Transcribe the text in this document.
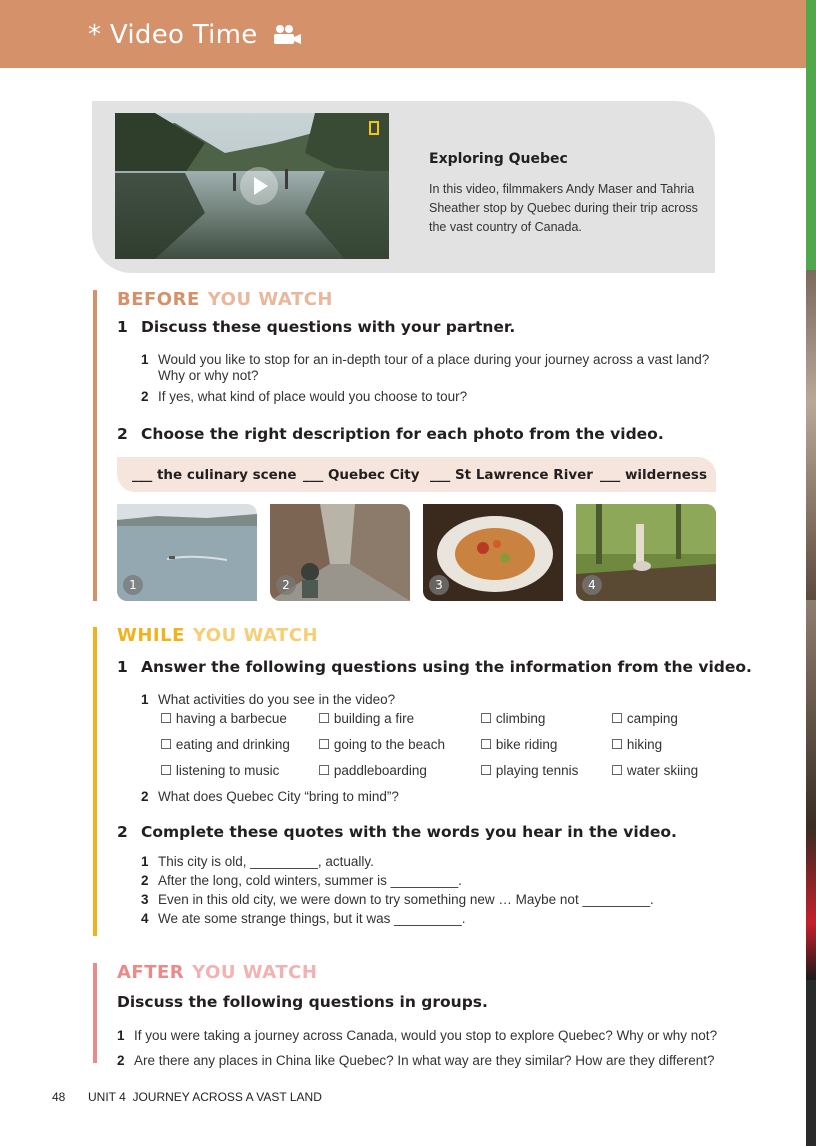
* Video Time
Exploring Quebec
In this video, filmmakers Andy Maser and Tahria Sheather stop by Quebec during their trip across the vast country of Canada.
BEFORE YOU WATCH
1 Discuss these questions with your partner.
1 Would you like to stop for an in-depth tour of a place during your journey across a vast land? Why or why not?
2 If yes, what kind of place would you choose to tour?
2 Choose the right description for each photo from the video.
___ the culinary scene ___ Quebec City ___ St Lawrence River ___ wilderness
1	2	3	4
WHILE YOU WATCH
1 Answer the following questions using the information from the video.
1 What activities do you see in the video?
☐ having a barbecue ☐ building a fire	☐ climbing	☐ camping
☐ eating and drinking ☐ going to the beach	☐ bike riding	☐ hiking
☐ listening to music	☐ paddleboarding	☐ playing tennis ☐ water skiing
2 What does Quebec City “bring to mind”?
2 Complete these quotes with the words you hear in the video.
1 This city is old, _________, actually.
2 After the long, cold winters, summer is _________.
3 Even in this old city, we were down to try something new … Maybe not _________.
4 We ate some strange things, but it was _________.
AFTER YOU WATCH
Discuss the following questions in groups.
1 If you were taking a journey across Canada, would you stop to explore Quebec? Why or why not?
2 Are there any places in China like Quebec? In what way are they similar? How are they different?
48 UNIT 4  JOURNEY ACROSS A VAST LAND
